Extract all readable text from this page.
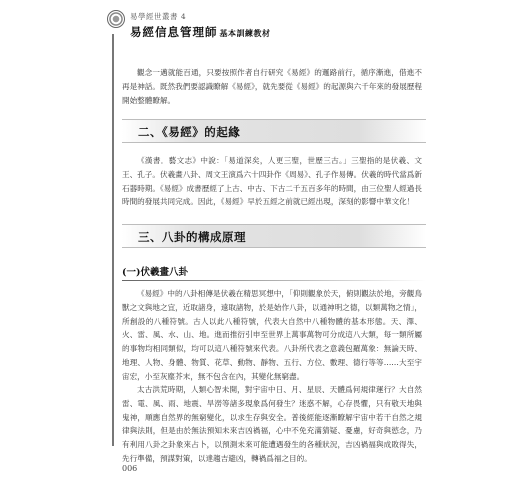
易學經世叢書 4
易經信息管理師 基本訓練教材

觀念一邁就能百通，只要按照作者自行研究《易經》的邏路前行，循序漸進，借進不再是神話。既然我們要認識瞭解《易經》，就先要從《易經》的起源與六千年來的發展歷程開始整體瞭解。

二、《易經》的起緣

《漢書．藝文志》中說：「易道深矣，人更三聖，世歷三古。」三聖指的是伏羲、文王、孔子。伏羲畫八卦、周文王演爲六十四卦作《周易》、孔子作易傳。伏羲的時代當爲新石器時期。《易經》成書歷經了上古、中古、下古二千五百多年的時間，由三位聖人經過長時間的發展共同完成。因此，《易經》早於五經之前就已經出現，深刻的影響中華文化！

三、八卦的構成原理
(一)伏羲畫八卦

《易經》中的八卦相傳是伏羲在精思冥想中，「仰則觀象於天，俯則觀法於地，旁觀鳥獸之文與地之宜，近取諸身，遠取諸物，於是始作八卦，以通神明之德，以類萬物之情」，所創設的八種符號。古人以此八種符號，代表大自然中八種物體的基本形態。天、澤、火、雷、風、水、山、地。進而推衍引申至世界上萬事萬物可分成這八大類，每一類所屬的事物均相同類似，均可以這八種符號來代表。八卦所代表之意義包羅萬象：無論天時、地理、人物、身體、物質、花草、動物、靜物、五行、方位、數理、德行等等……大至宇宙宏，小至灰塵芥末，無不包含在內，其變化無窮盡。

太古洪荒時期，人類心智未開，對宇宙中日、月、星辰、天體爲何規律運行？大自然雷、電、風、雨、地震、旱澇等諸多現象爲何發生？迷惑不解，心存畏懼，只有敬天地與鬼神，順應自然界的無窮變化，以求生存與安全。普後經能逐漸瞭解宇宙中若干自然之規律與法則，但是由於無法預知未來吉凶禍福，心中不免充滿猜疑、憂慮，好奇與慾念，乃有利用八卦之卦象來占卜，以預測未來可能遭遇發生的各種狀況，吉凶禍福與成敗得失，先行準備，預謀對策，以達趨吉避凶，轉禍爲福之目的。

006
